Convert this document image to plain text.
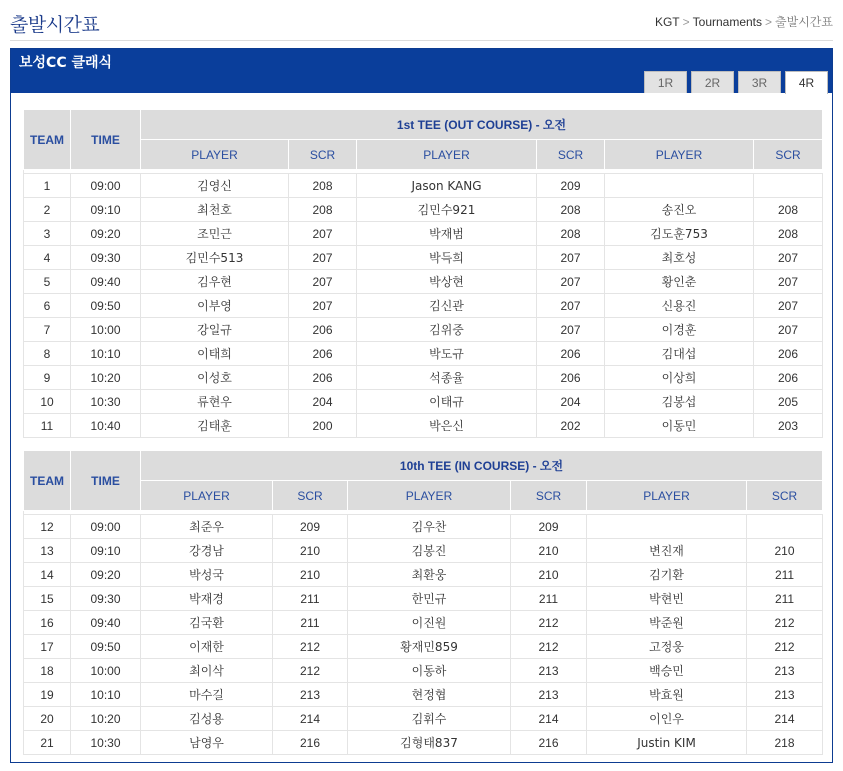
출발시간표	KGT > Tournaments > 출발시간표
보성CC 클래식
1R	2R	3R	4R
TEAM	TIME	1st TEE (OUT COURSE) - 오전					
		PLAYER	SCR	PLAYER	SCR	PLAYER	SCR

1	09:00	김영신	208	Jason KANG	209		
2	09:10	최천호	208	김민수921	208	송진오	208
3	09:20	조민근	207	박재범	208	김도훈753	208
4	09:30	김민수513	207	박득희	207	최호성	207
5	09:40	김우현	207	박상현	207	황인춘	207
6	09:50	이부영	207	김신관	207	신용진	207
7	10:00	강일규	206	김위중	207	이경훈	207
8	10:10	이태희	206	박도규	206	김대섭	206
9	10:20	이성호	206	석종율	206	이상희	206
10	10:30	류현우	204	이태규	204	김봉섭	205
11	10:40	김태훈	200	박은신	202	이동민	203
TEAM	TIME	10th TEE (IN COURSE) - 오전					
		PLAYER	SCR	PLAYER	SCR	PLAYER	SCR

12	09:00	최준우	209	김우찬	209		
13	09:10	강경남	210	김봉진	210	변진재	210
14	09:20	박성국	210	최환웅	210	김기환	211
15	09:30	박재경	211	한민규	211	박현빈	211
16	09:40	김국환	211	이진원	212	박준원	212
17	09:50	이재한	212	황재민859	212	고정웅	212
18	10:00	최이삭	212	이동하	213	백승민	213
19	10:10	마수길	213	현정협	213	박효원	213
20	10:20	김성용	214	김휘수	214	이인우	214
21	10:30	남영우	216	김형태837	216	Justin KIM	218
